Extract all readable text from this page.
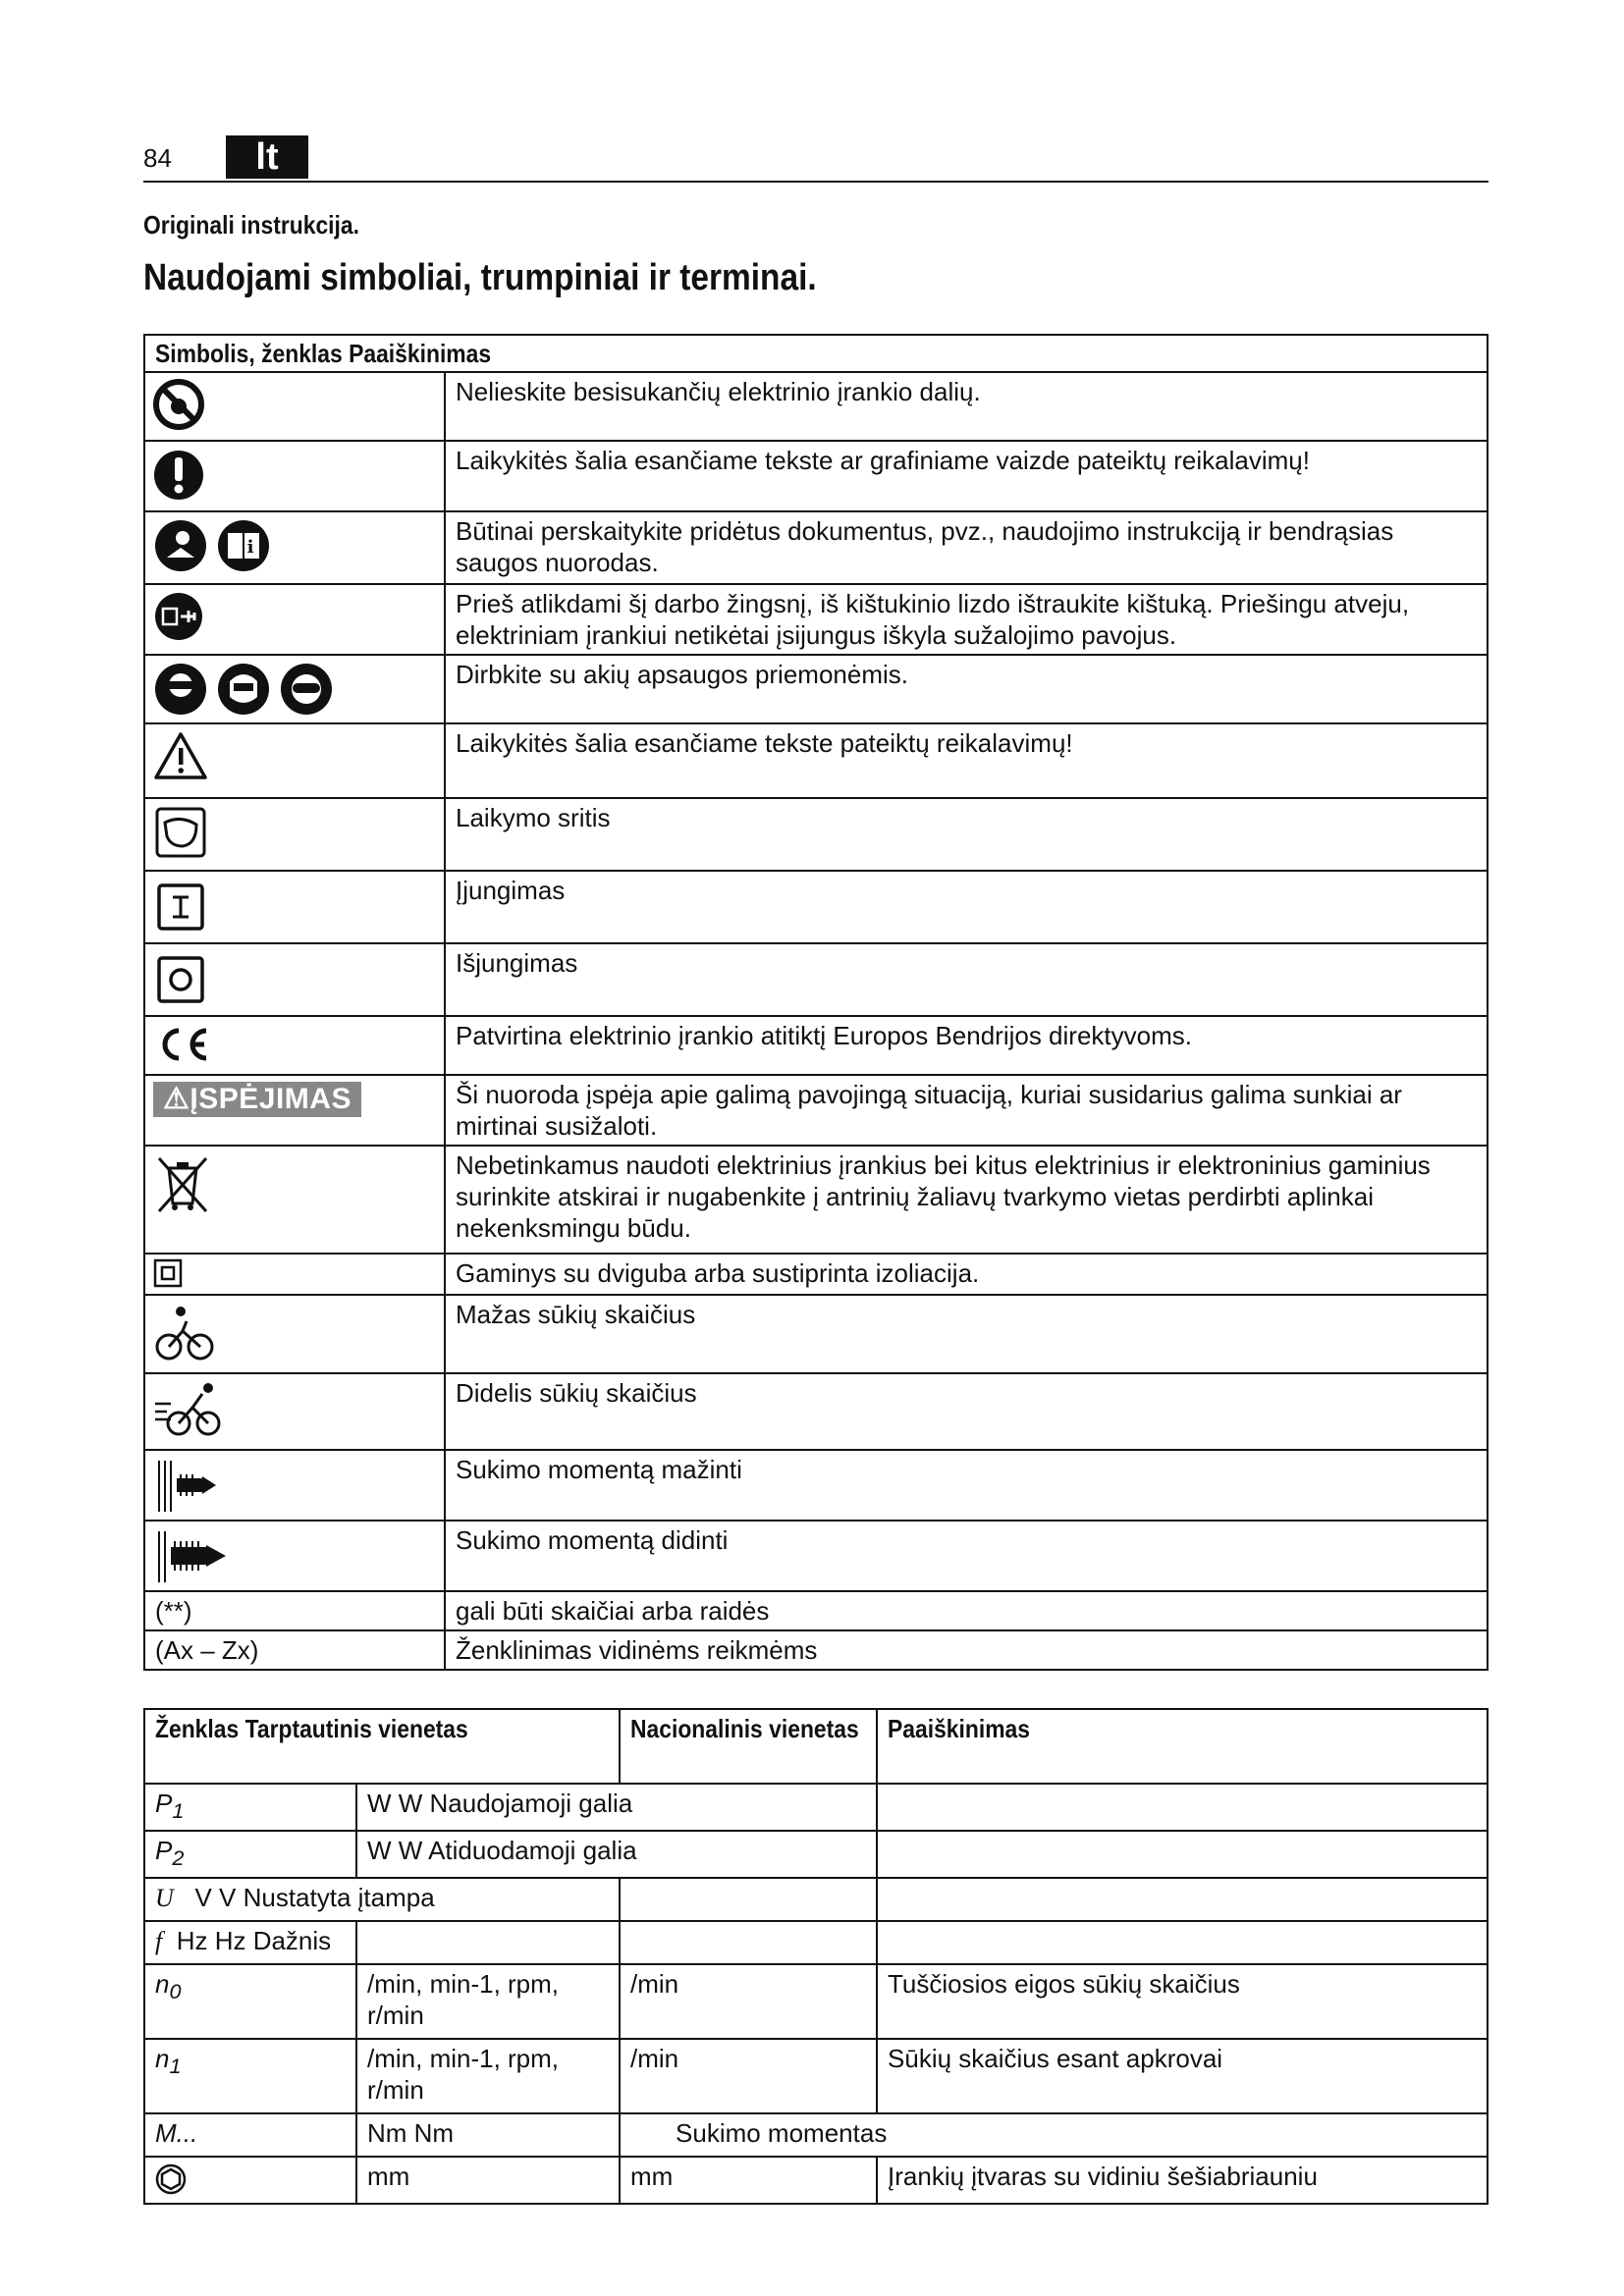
84	lt
Originali instrukcija.
Naudojami simboliai, trumpiniai ir terminai.
Simbolis, ženklas Paaiškinimas	
	Nelieskite besisukančių elektrinio įrankio dalių.
	Laikykitės šalia esančiame tekste ar grafiniame vaizde pateiktų reikalavimų!

i	Būtinai perskaitykite pridėtus dokumentus, pvz., naudojimo instrukciją ir bendrąsias saugos nuorodas.
	Prieš atlikdami šį darbo žingsnį, iš kištukinio lizdo ištraukite kištuką. Priešingu atveju, elektriniam įrankiui netikėtai įsijungus iškyla sužalojimo pavojus.
	Dirbkite su akių apsaugos priemonėmis.
	Laikykitės šalia esančiame tekste pateiktų reikalavimų!
	Laikymo sritis
	Įjungimas
	Išjungimas
	Patvirtina elektrinio įrankio atitiktį Europos Bendrijos direktyvoms.
⚠ĮSPĖJIMAS	Ši nuoroda įspėja apie galimą pavojingą situaciją, kuriai susidarius galima sunkiai ar mirtinai susižaloti.
	Nebetinkamus naudoti elektrinius įrankius bei kitus elektrinius ir elektroninius gaminius surinkite atskirai ir nugabenkite į antrinių žaliavų tvarkymo vietas perdirbti aplinkai nekenksmingu būdu.
	Gaminys su dviguba arba sustiprinta izoliacija.
	Mažas sūkių skaičius
	Didelis sūkių skaičius
	Sukimo momentą mažinti
	Sukimo momentą didinti
(**)	gali būti skaičiai arba raidės
(Ax – Zx)	Ženklinimas vidinėms reikmėms
Ženklas Tarptautinis vienetas		Nacionalinis vienetas	Paaiškinimas
$P_1$	W W Naudojamoji galia		
$P_2$	W W Atiduodamoji galia		
U V V Nustatyta įtampa			
f Hz Hz Dažnis			
$n_0$	/min, min-1, rpm, r/min	/min	Tuščiosios eigos sūkių skaičius
$n_1$	/min, min-1, rpm, r/min	/min	Sūkių skaičius esant apkrovai
M...	Nm Nm	Sukimo momentas	
	mm	mm	Įrankių įtvaras su vidiniu šešiabriauniu
